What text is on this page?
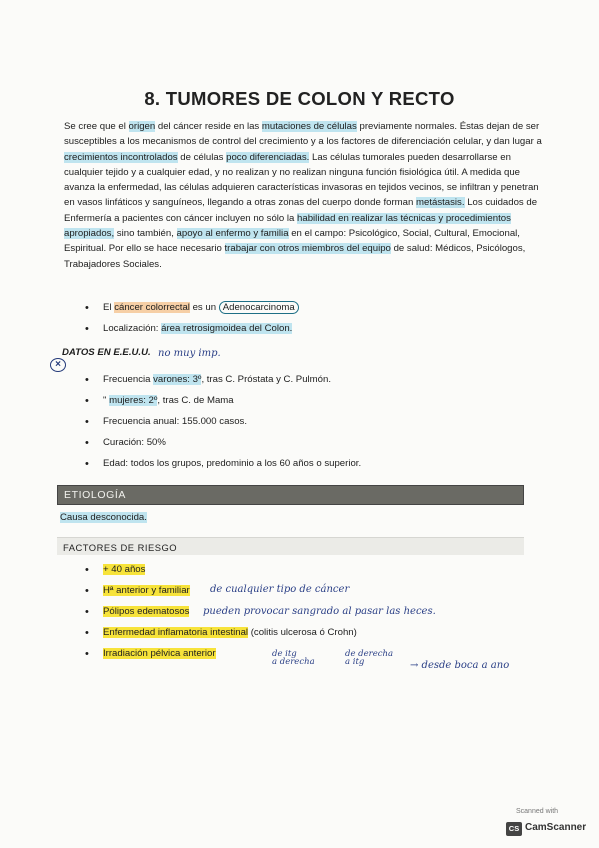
8. TUMORES DE COLON Y RECTO

Se cree que el origen del cáncer reside en las mutaciones de células previamente normales. Éstas dejan de ser susceptibles a los mecanismos de control del crecimiento y a los factores de diferenciación celular, y dan lugar a crecimientos incontrolados de células poco diferenciadas. Las células tumorales pueden desarrollarse en cualquier tejido y a cualquier edad, y no realizan y no realizan ninguna función fisiológica útil. A medida que avanza la enfermedad, las células adquieren características invasoras en tejidos vecinos, se infiltran y penetran en vasos linfáticos y sanguíneos, llegando a otras zonas del cuerpo donde forman metástasis. Los cuidados de Enfermería a pacientes con cáncer incluyen no sólo la habilidad en realizar las técnicas y procedimientos apropiados, sino también, apoyo al enfermo y familia en el campo: Psicológico, Social, Cultural, Emocional, Espiritual. Por ello se hace necesario trabajar con otros miembros del equipo de salud: Médicos, Psicólogos, Trabajadores Sociales.

• El cáncer colorrectal es un Adenocarcinoma
• Localización: área retrosigmoidea del Colon.
DATOS EN E.E.U.U. no muy imp.
×
• Frecuencia varones: 3º, tras C. Próstata y C. Pulmón.
• " mujeres: 2º, tras C. de Mama
• Frecuencia anual: 155.000 casos.
• Curación: 50%
• Edad: todos los grupos, predominio a los 60 años o superior.
ETIOLOGÍA
Causa desconocida.
FACTORES DE RIESGO
• + 40 años
• Hª anterior y familiar
• Pólipos edematosos
• Enfermedad inflamatoria intestinal (colitis ulcerosa ó Crohn)
• Irradiación pélvica anterior
de cualquier tipo de cáncer
pueden provocar sangrado al pasar las heces.
de itg
a derecha
de derecha
a itg	→ desde boca a ano
Scanned with
CS CamScanner
